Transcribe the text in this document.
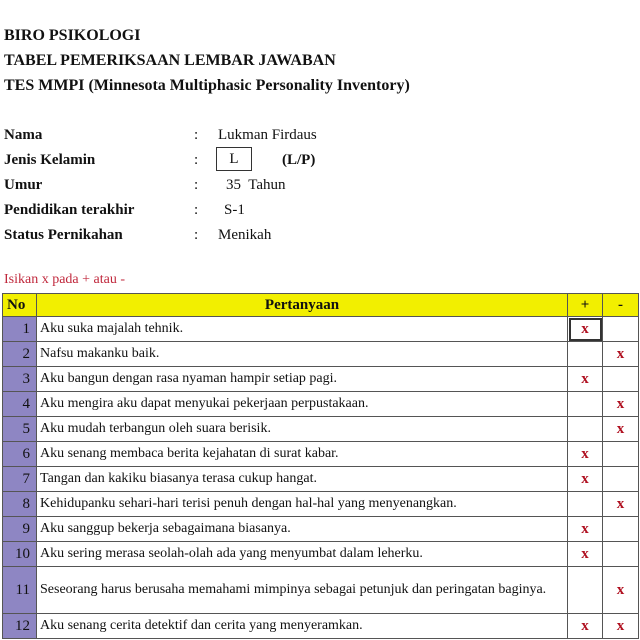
BIRO PSIKOLOGI
TABEL PEMERIKSAAN LEMBAR JAWABAN
TES MMPI (Minnesota Multiphasic Personality Inventory)
Nama	: Lukman Firdaus
Jenis Kelamin	:	L	(L/P)
Umur	: 35  Tahun
Pendidikan terakhir	: S-1
Status Pernikahan	: Menikah
Isikan x pada + atau -
No	Pertanyaan	+	-
1	Aku suka majalah tehnik.	x	
2	Nafsu makanku baik.		x
3	Aku bangun dengan rasa nyaman hampir setiap pagi.	x	
4	Aku mengira aku dapat menyukai pekerjaan perpustakaan.		x
5	Aku mudah terbangun oleh suara berisik.		x
6	Aku senang membaca berita kejahatan di surat kabar.	x	
7	Tangan dan kakiku biasanya terasa cukup hangat.	x	
8	Kehidupanku sehari-hari terisi penuh dengan hal-hal yang menyenangkan.		x
9	Aku sanggup bekerja sebagaimana biasanya.	x	
10	Aku sering merasa seolah-olah ada yang menyumbat dalam leherku.	x	
11	Seseorang harus berusaha memahami mimpinya sebagai petunjuk dan peringatan baginya.		x
12	Aku senang cerita detektif dan cerita yang menyeramkan.	x	x
